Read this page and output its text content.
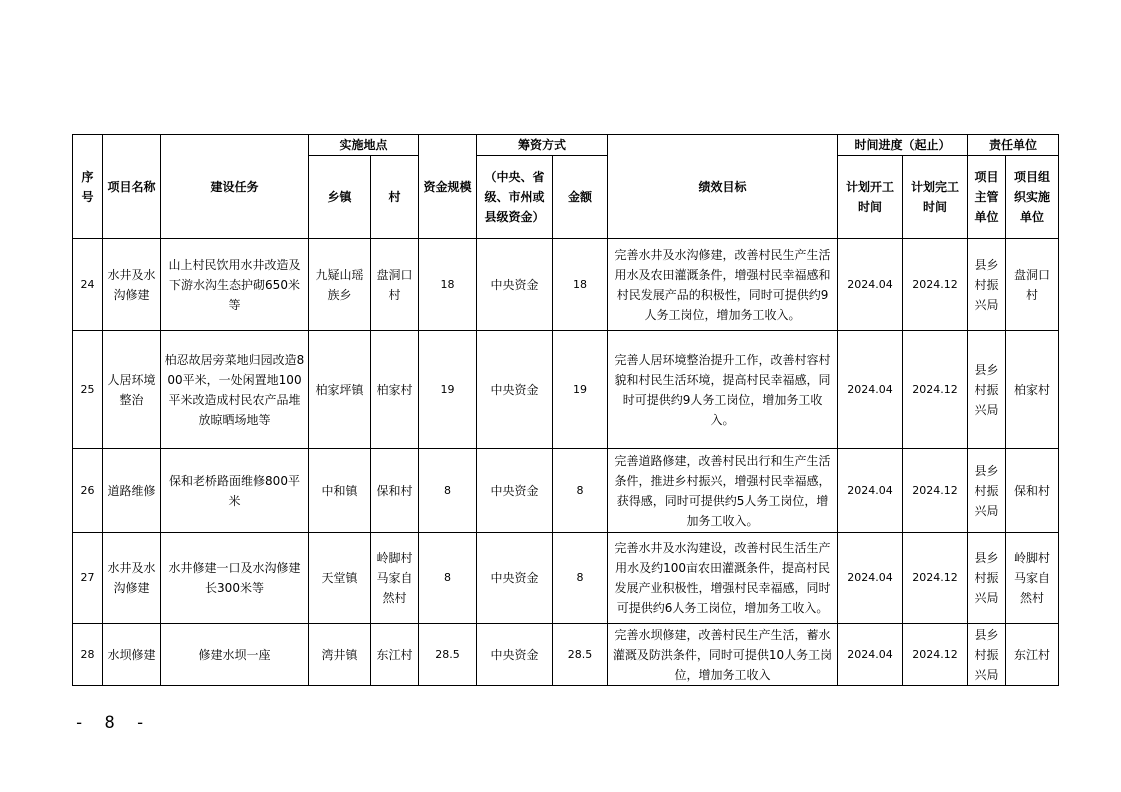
序号	项目名称	建设任务	实施地点		资金规模	筹资方式		绩效目标	时间进度（起止）		责任单位	
			乡镇	村		（中央、省级、市州或县级资金）	金额		计划开工时间	计划完工时间	项目主管单位	项目组织实施单位
24	水井及水沟修建	山上村民饮用水井改造及下游水沟生态护砌650米等	九疑山瑶族乡	盘洞口村	18	中央资金	18	完善水井及水沟修建，改善村民生产生活用水及农田灌溉条件，增强村民幸福感和村民发展产品的积极性，同时可提供约9人务工岗位，增加务工收入。	2024.04	2024.12	县乡村振兴局	盘洞口村
25	人居环境整治	柏忍故居旁菜地归园改造800平米，一处闲置地100平米改造成村民农产品堆放晾晒场地等	柏家坪镇	柏家村	19	中央资金	19	完善人居环境整治提升工作，改善村容村貌和村民生活环境，提高村民幸福感，同时可提供约9人务工岗位，增加务工收入。	2024.04	2024.12	县乡村振兴局	柏家村
26	道路维修	保和老桥路面维修800平米	中和镇	保和村	8	中央资金	8	完善道路修建，改善村民出行和生产生活条件，推进乡村振兴，增强村民幸福感，获得感，同时可提供约5人务工岗位，增加务工收入。	2024.04	2024.12	县乡村振兴局	保和村
27	水井及水沟修建	水井修建一口及水沟修建长300米等	天堂镇	岭脚村马家自然村	8	中央资金	8	完善水井及水沟建设，改善村民生活生产用水及约100亩农田灌溉条件，提高村民发展产业积极性，增强村民幸福感，同时可提供约6人务工岗位，增加务工收入。	2024.04	2024.12	县乡村振兴局	岭脚村马家自然村
28	水坝修建	修建水坝一座	湾井镇	东江村	28.5	中央资金	28.5	完善水坝修建，改善村民生产生活，蓄水灌溉及防洪条件，同时可提供10人务工岗位，增加务工收入	2024.04	2024.12	县乡村振兴局	东江村
- 8 -
